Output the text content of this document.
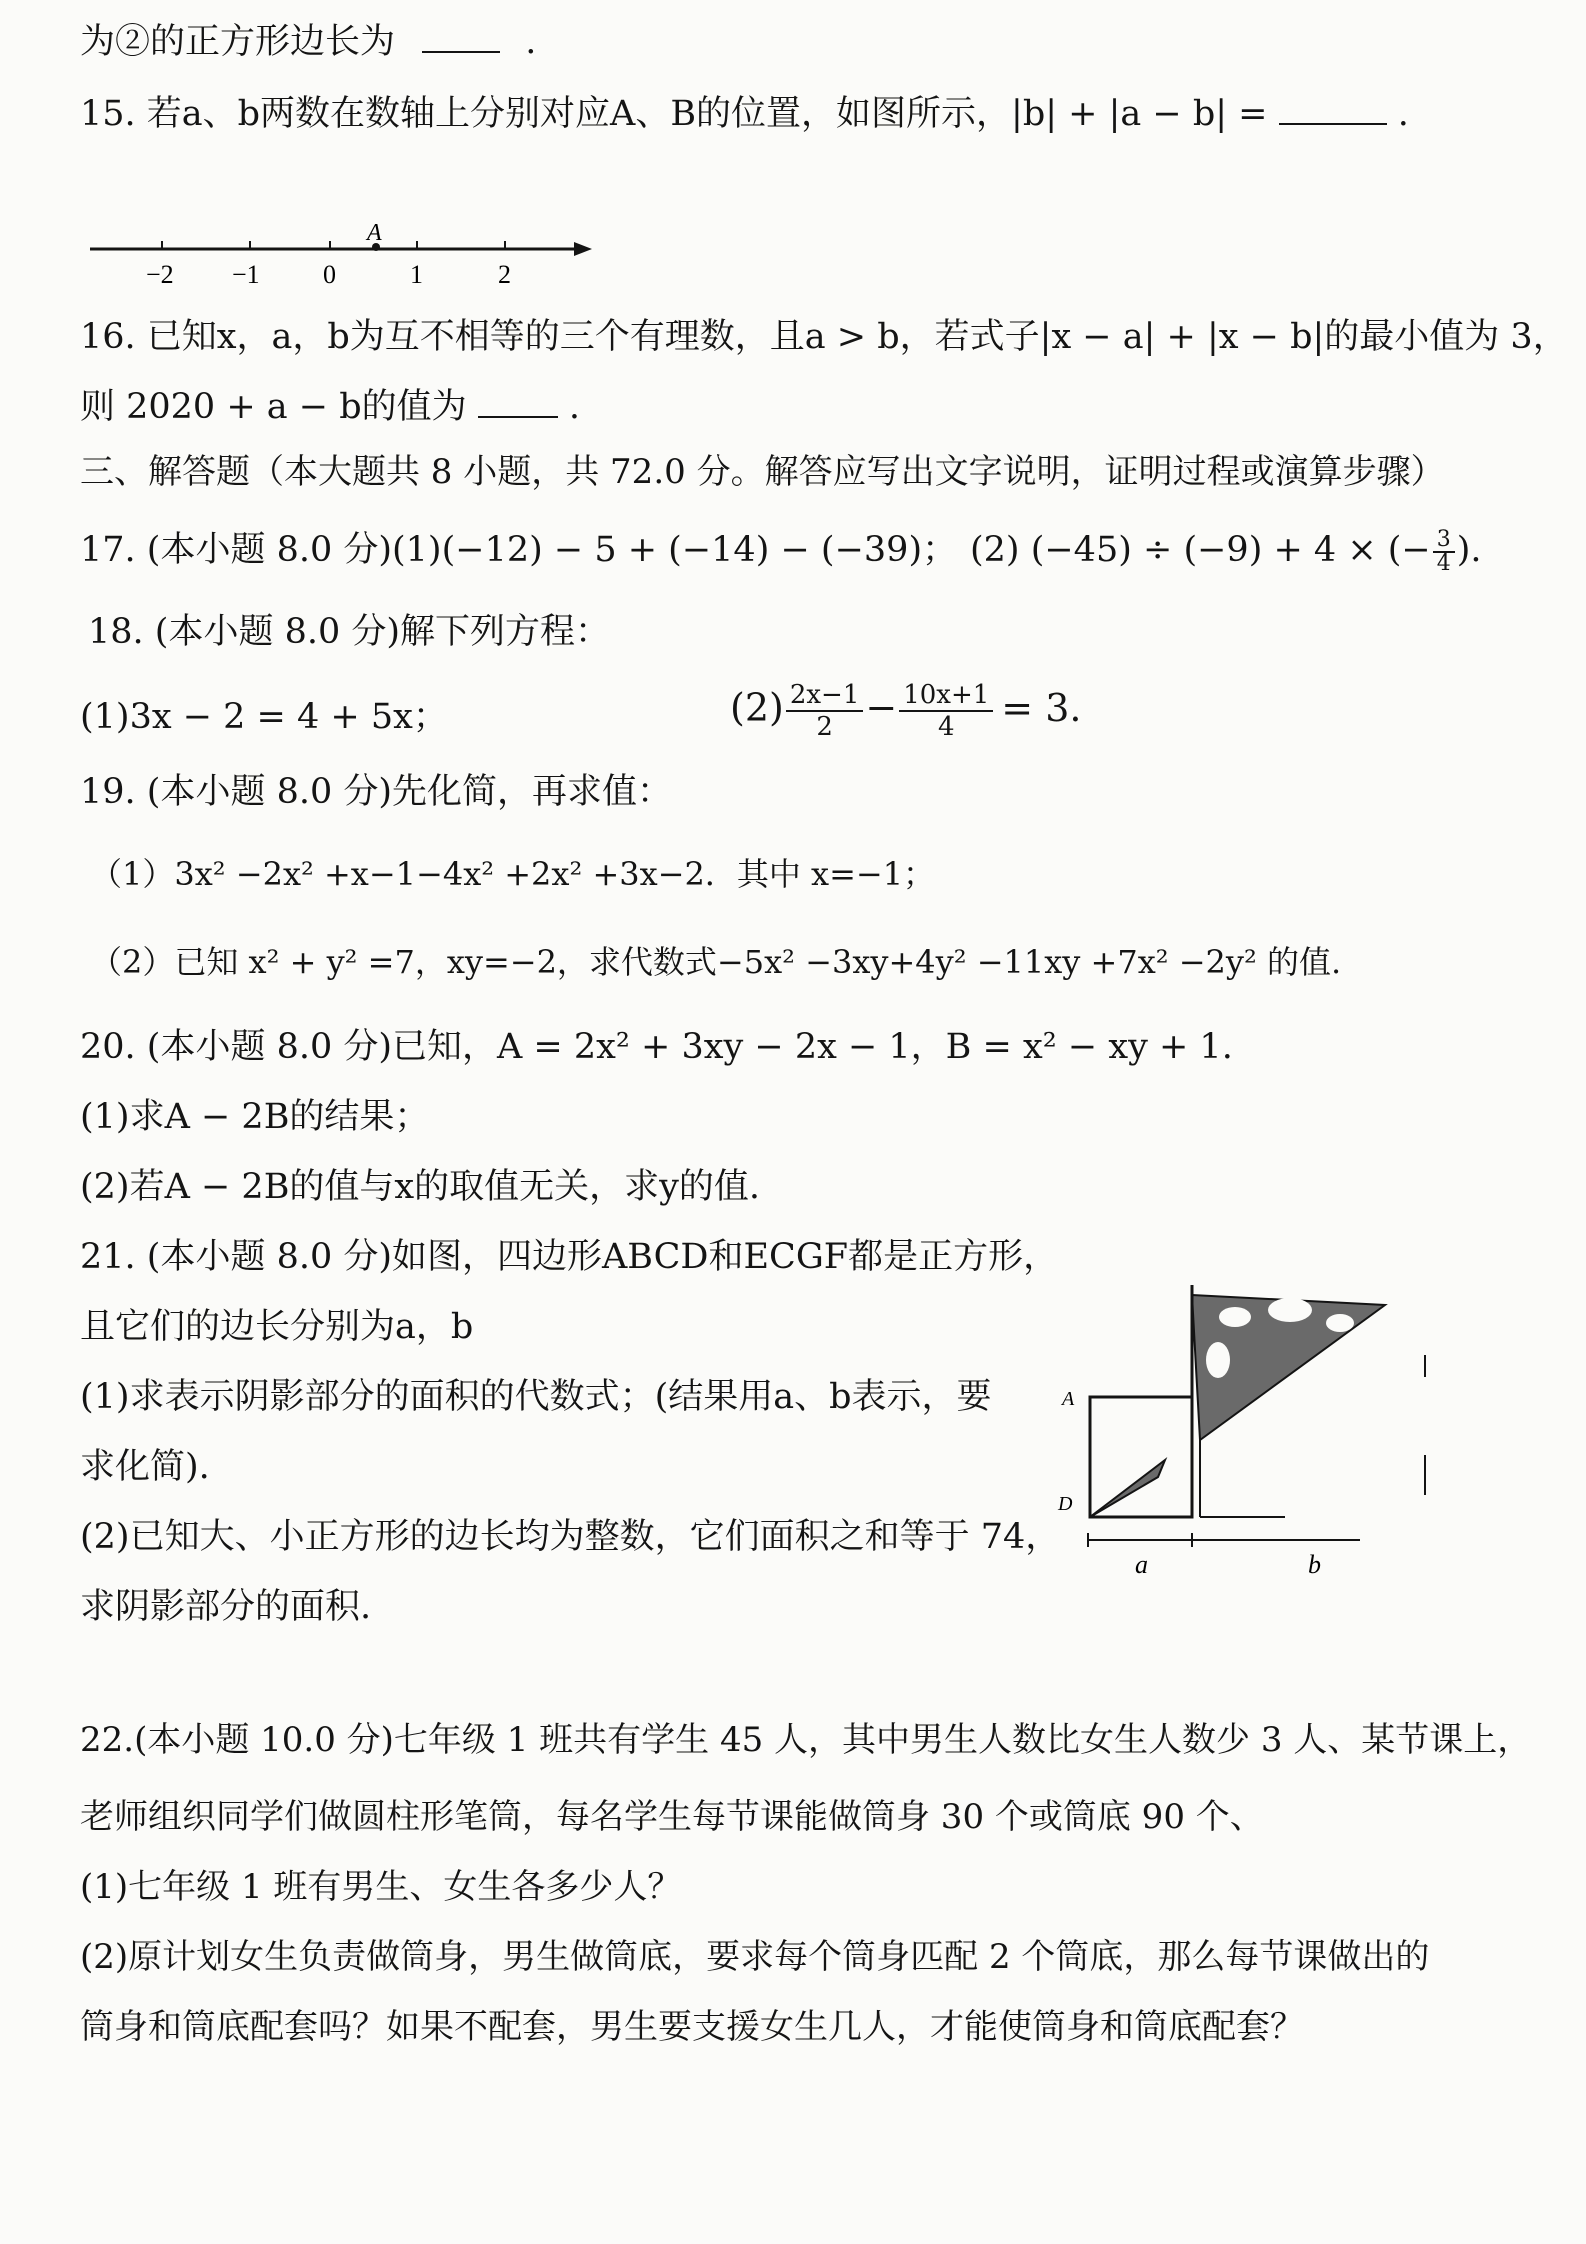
为②的正方形边长为	.
15. 若a、b两数在数轴上分别对应A、B的位置，如图所示，|b| + |a − b| =	.
A
−2 −1 0	1	2
16. 已知x，a，b为互不相等的三个有理数，且a > b，若式子|x − a| + |x − b|的最小值为 3，
则 2020 + a − b的值为	.
三、解答题（本大题共 8 小题，共 72.0 分。解答应写出文字说明，证明过程或演算步骤）
17. (本小题 8.0 分)(1)(−12) − 5 + (−14) − (−39)； (2) (−45) ÷ (−9) + 4 × (− $\frac{3}{4}$ ).
18. (本小题 8.0 分)解下列方程：
(1)3x − 2 = 4 + 5x；	$(2) \frac{2x-1}{2} - \frac{10x+1}{4} = 3$.
19. (本小题 8.0 分)先化简，再求值：
（1）3x² −2x² +x−1−4x² +2x² +3x−2．其中 x=−1；
（2）已知 x² + y² =7，xy=−2，求代数式−5x² −3xy+4y² −11xy +7x² −2y² 的值.
20. (本小题 8.0 分)已知，A = 2x² + 3xy − 2x − 1，B = x² − xy + 1.
(1)求A − 2B的结果；
(2)若A − 2B的值与x的取值无关，求y的值.
21. (本小题 8.0 分)如图，四边形ABCD和ECGF都是正方形，
且它们的边长分别为a，b
(1)求表示阴影部分的面积的代数式；(结果用a、b表示，要
求化简).
(2)已知大、小正方形的边长均为整数，它们面积之和等于 74，
求阴影部分的面积.
a	b
A
D
22.(本小题 10.0 分)七年级 1 班共有学生 45 人，其中男生人数比女生人数少 3 人、某节课上，
老师组织同学们做圆柱形笔筒，每名学生每节课能做筒身 30 个或筒底 90 个、
(1)七年级 1 班有男生、女生各多少人？
(2)原计划女生负责做筒身，男生做筒底，要求每个筒身匹配 2 个筒底，那么每节课做出的
筒身和筒底配套吗？如果不配套，男生要支援女生几人，才能使筒身和筒底配套？
